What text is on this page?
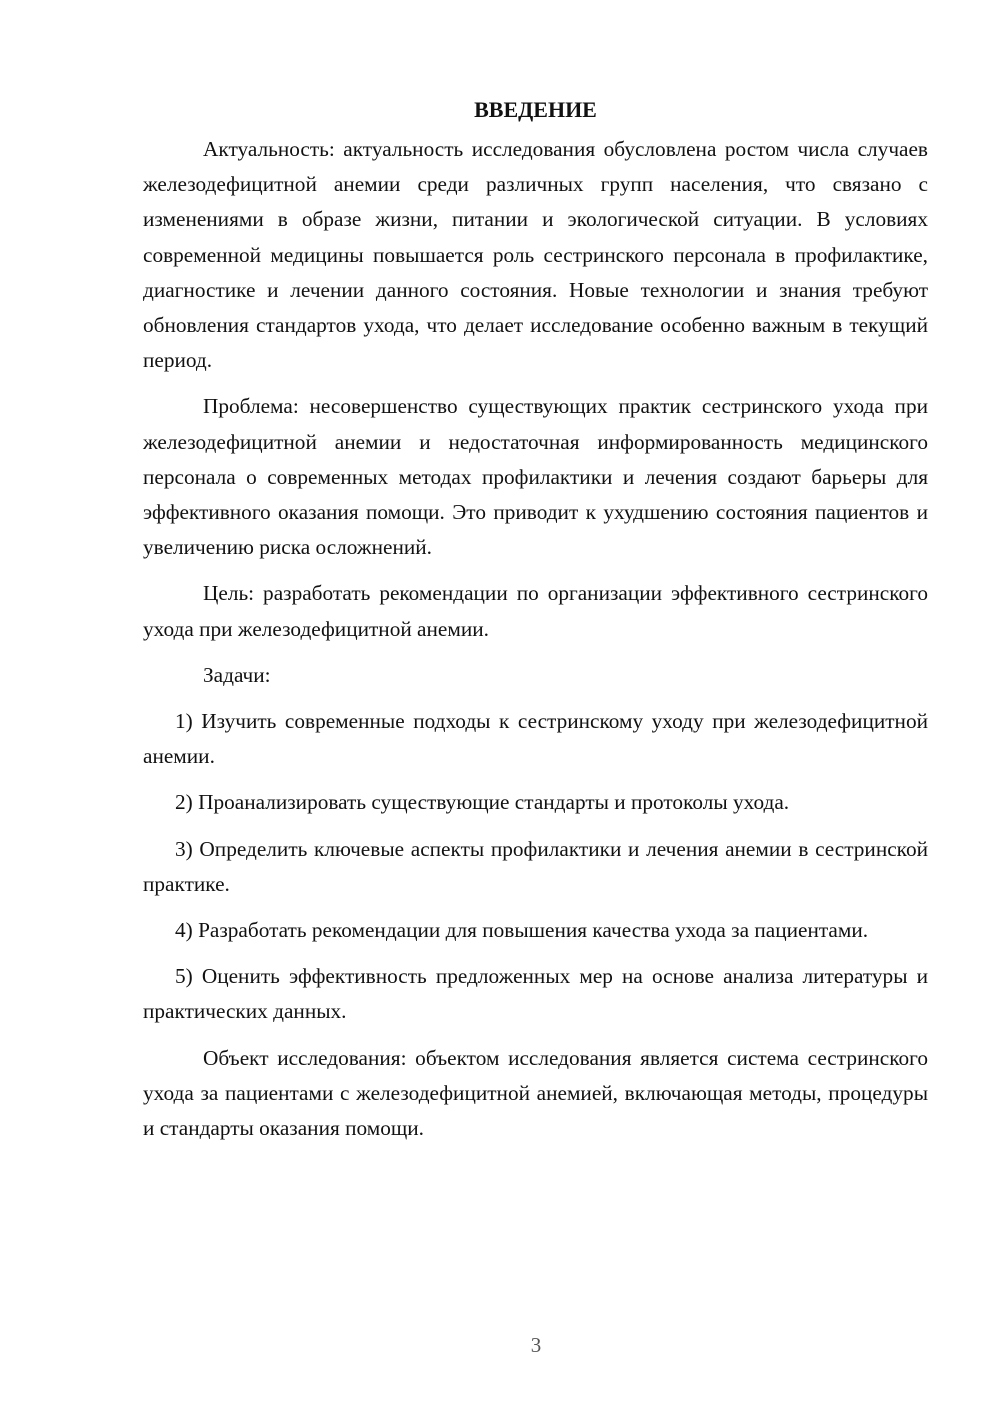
ВВЕДЕНИЕ

Актуальность: актуальность исследования обусловлена ростом числа случаев железодефицитной анемии среди различных групп населения, что связано с изменениями в образе жизни, питании и экологической ситуации. В условиях современной медицины повышается роль сестринского персонала в профилактике, диагностике и лечении данного состояния. Новые технологии и знания требуют обновления стандартов ухода, что делает исследование особенно важным в текущий период.

Проблема: несовершенство существующих практик сестринского ухода при железодефицитной анемии и недостаточная информированность медицинского персонала о современных методах профилактики и лечения создают барьеры для эффективного оказания помощи. Это приводит к ухудшению состояния пациентов и увеличению риска осложнений.

Цель: разработать рекомендации по организации эффективного сестринского ухода при железодефицитной анемии.

Задачи:

1) Изучить современные подходы к сестринскому уходу при железодефицитной анемии.

2) Проанализировать существующие стандарты и протоколы ухода.

3) Определить ключевые аспекты профилактики и лечения анемии в сестринской практике.

4) Разработать рекомендации для повышения качества ухода за пациентами.

5) Оценить эффективность предложенных мер на основе анализа литературы и практических данных.

Объект исследования: объектом исследования является система сестринского ухода за пациентами с железодефицитной анемией, включающая методы, процедуры и стандарты оказания помощи.

3
